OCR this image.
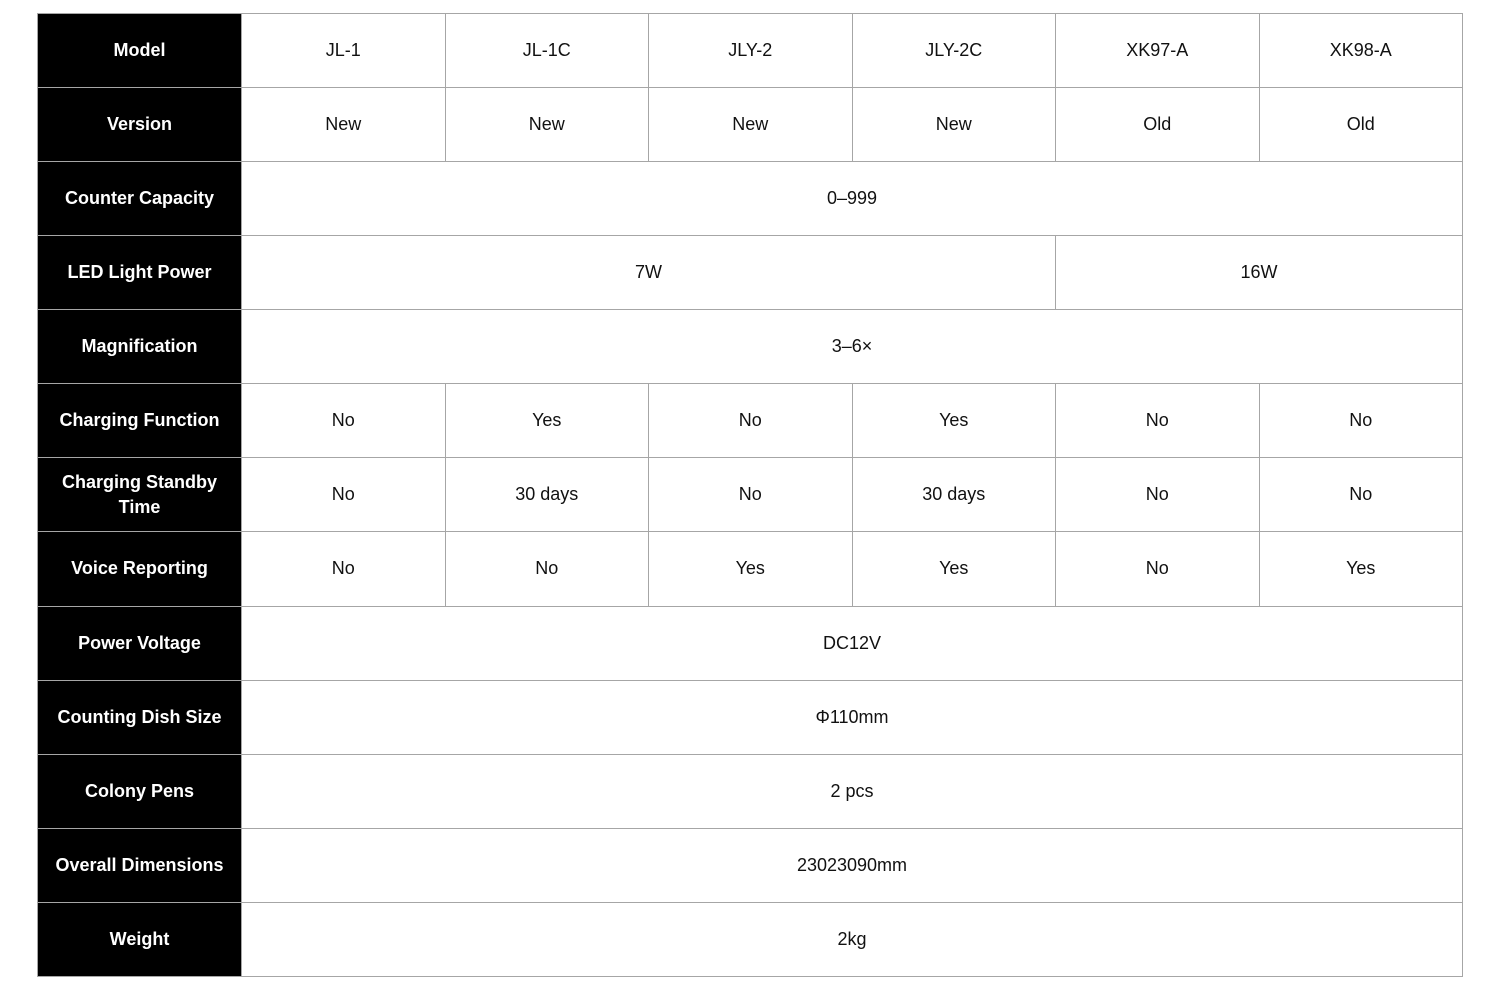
Model	JL-1	JL-1C	JLY-2	JLY-2C	XK97-A	XK98-A
Version	New	New	New	New	Old	Old
Counter Capacity	0–999					
LED Light Power	7W				16W	
Magnification	3–6×					
Charging Function	No	Yes	No	Yes	No	No
Charging Standby Time	No	30 days	No	30 days	No	No
Voice Reporting	No	No	Yes	Yes	No	Yes
Power Voltage	DC12V					
Counting Dish Size	Φ110mm					
Colony Pens	2 pcs					
Overall Dimensions	23023090mm					
Weight	2kg					
